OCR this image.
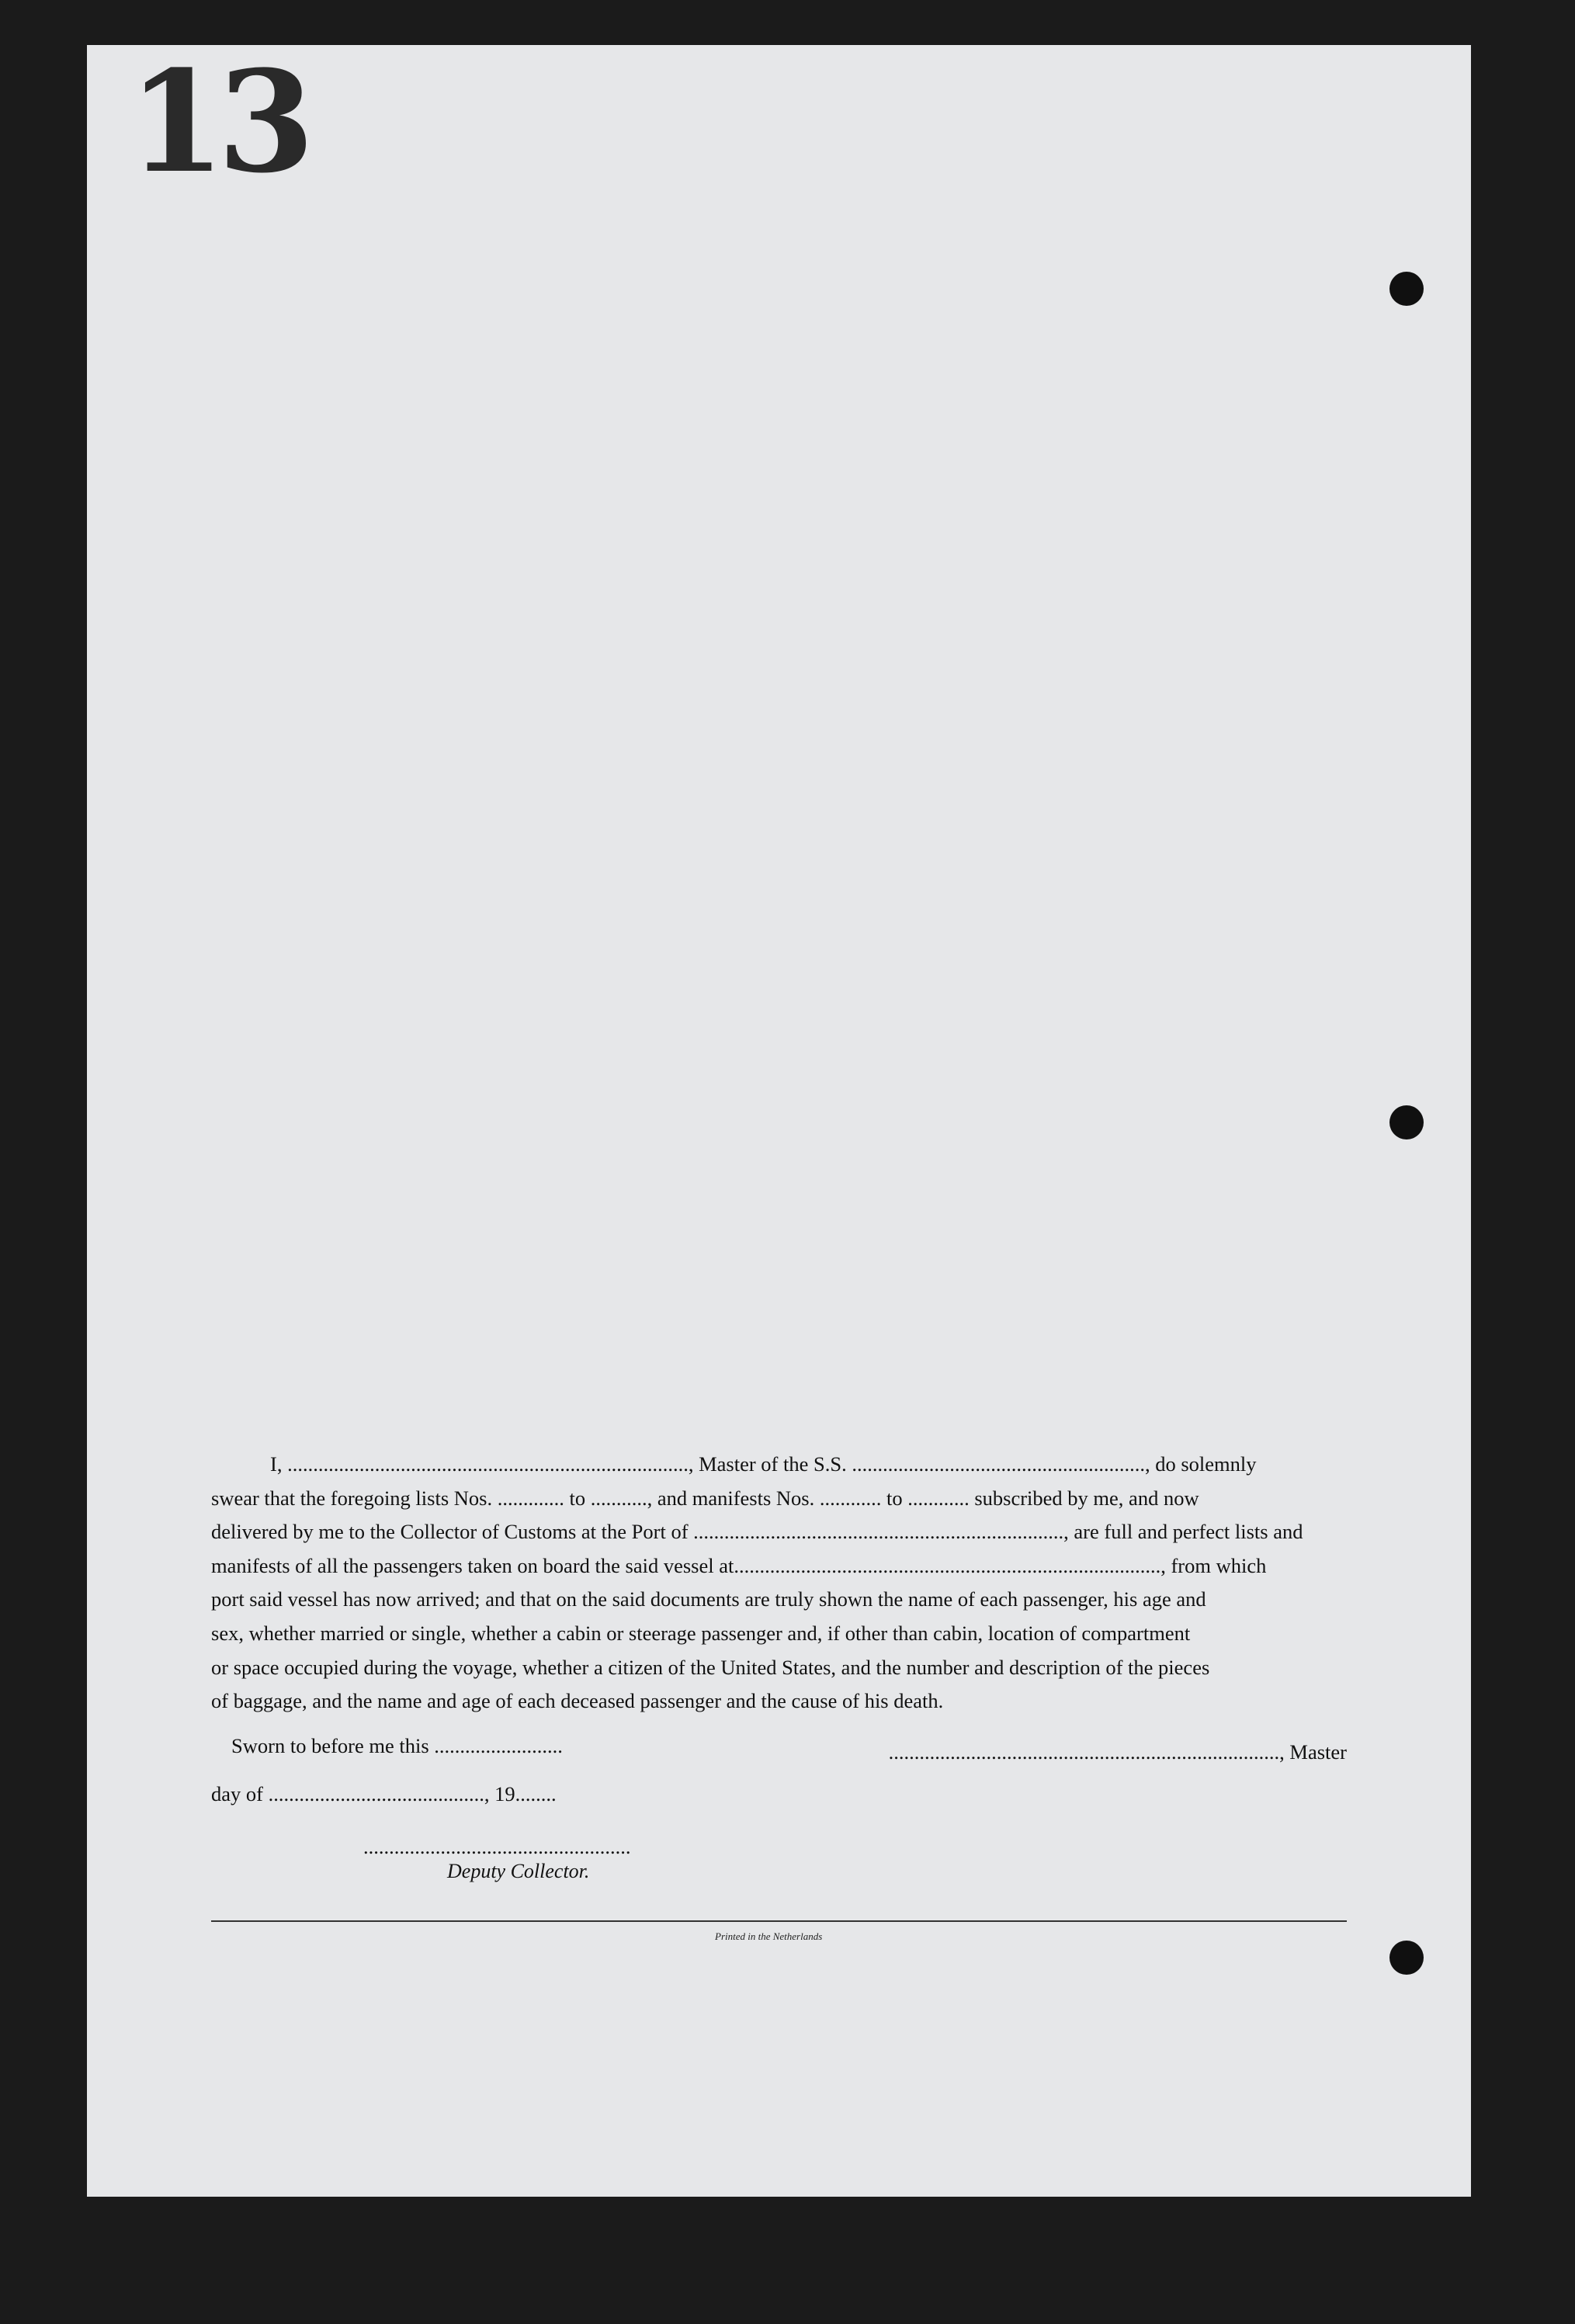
13

I, .............................................................................., Master of the S.S. ........................................................., do solemnly

swear that the foregoing lists Nos. ............. to ..........., and manifests Nos. ............ to ............ subscribed by me, and now

delivered by me to the Collector of Customs at the Port of ........................................................................, are full and perfect lists and

manifests of all the passengers taken on board the said vessel at..................................................................................., from which

port said vessel has now arrived; and that on the said documents are truly shown the name of each passenger, his age and

sex, whether married or single, whether a cabin or steerage passenger and, if other than cabin, location of compartment

or space occupied during the voyage, whether a citizen of the United States, and the number and description of the pieces

of baggage, and the name and age of each deceased passenger and the cause of his death.

Sworn to before me this .........................	............................................................................, Master
day of .........................................., 19........
....................................................
Deputy Collector.
Printed in the Netherlands
